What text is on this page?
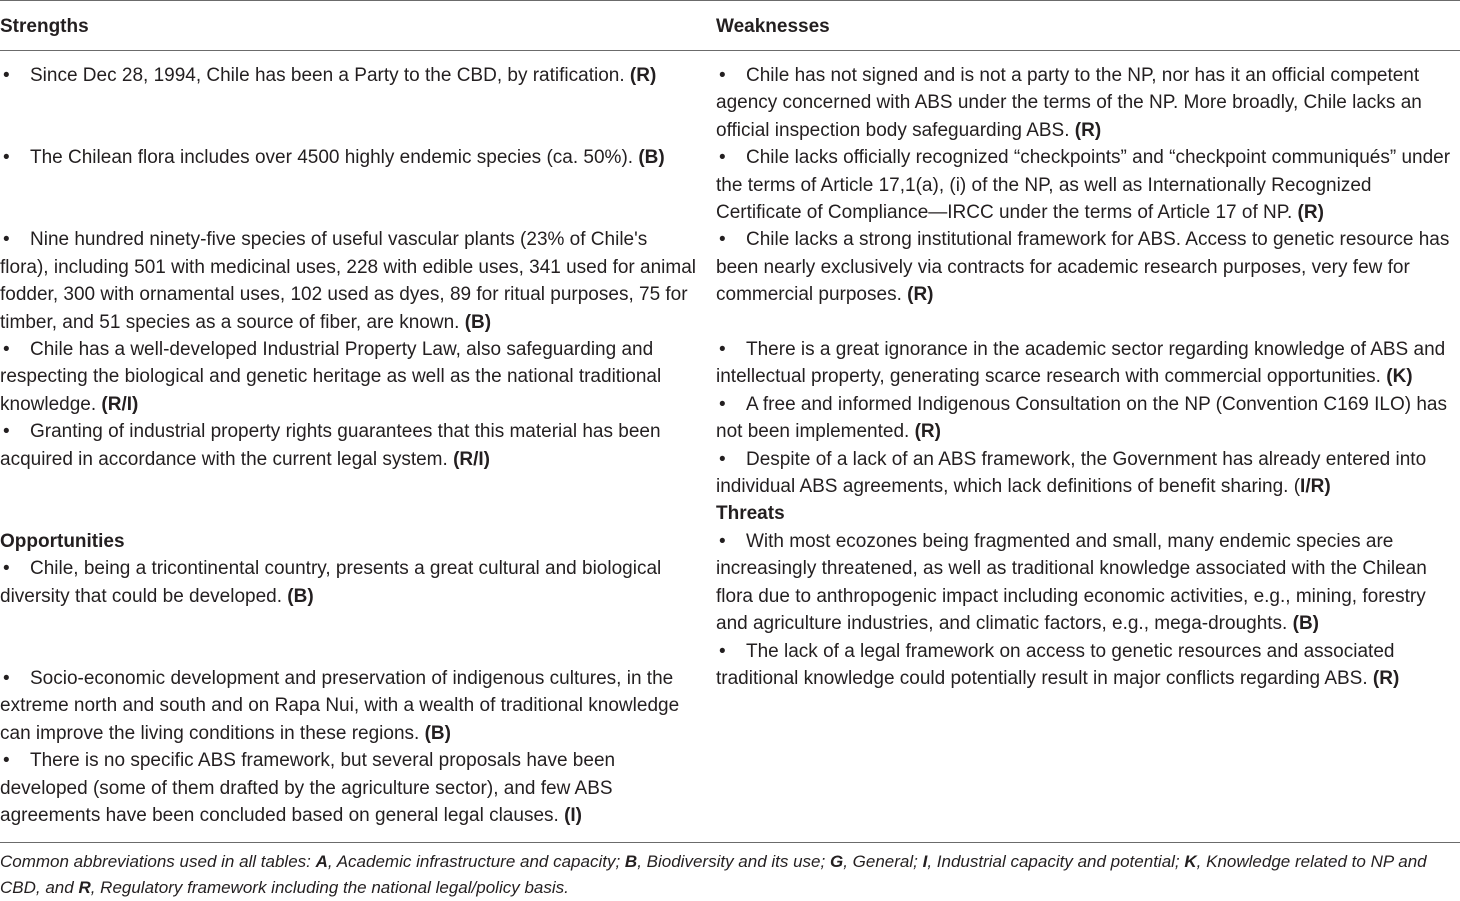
Strengths	Weaknesses

• Since Dec 28, 1994, Chile has been a Party to the CBD, by ratification. (R)

• The Chilean flora includes over 4500 highly endemic species (ca. 50%). (B)

• Nine hundred ninety-five species of useful vascular plants (23% of Chile's flora), including 501 with medicinal uses, 228 with edible uses, 341 used for animal fodder, 300 with ornamental uses, 102 used as dyes, 89 for ritual purposes, 75 for timber, and 51 species as a source of fiber, are known. (B)

• Chile has a well-developed Industrial Property Law, also safeguarding and respecting the biological and genetic heritage as well as the national traditional knowledge. (R/I)

• Granting of industrial property rights guarantees that this material has been acquired in accordance with the current legal system. (R/I)

Opportunities

• Chile, being a tricontinental country, presents a great cultural and biological diversity that could be developed. (B)

• Socio-economic development and preservation of indigenous cultures, in the extreme north and south and on Rapa Nui, with a wealth of traditional knowledge can improve the living conditions in these regions. (B)

• There is no specific ABS framework, but several proposals have been developed (some of them drafted by the agriculture sector), and few ABS agreements have been concluded based on general legal clauses. (I)

• Chile has not signed and is not a party to the NP, nor has it an official competent agency concerned with ABS under the terms of the NP. More broadly, Chile lacks an official inspection body safeguarding ABS. (R)

• Chile lacks officially recognized “checkpoints” and “checkpoint communiqués” under the terms of Article 17,1(a), (i) of the NP, as well as Internationally Recognized Certificate of Compliance—IRCC under the terms of Article 17 of NP. (R)

• Chile lacks a strong institutional framework for ABS. Access to genetic resource has been nearly exclusively via contracts for academic research purposes, very few for commercial purposes. (R)

• There is a great ignorance in the academic sector regarding knowledge of ABS and intellectual property, generating scarce research with commercial opportunities. (K)

• A free and informed Indigenous Consultation on the NP (Convention C169 ILO) has not been implemented. (R)

• Despite of a lack of an ABS framework, the Government has already entered into individual ABS agreements, which lack definitions of benefit sharing. (I/R)

Threats

• With most ecozones being fragmented and small, many endemic species are increasingly threatened, as well as traditional knowledge associated with the Chilean flora due to anthropogenic impact including economic activities, e.g., mining, forestry and agriculture industries, and climatic factors, e.g., mega-droughts. (B)

• The lack of a legal framework on access to genetic resources and associated traditional knowledge could potentially result in major conflicts regarding ABS. (R)

Common abbreviations used in all tables: A, Academic infrastructure and capacity; B, Biodiversity and its use; G, General; I, Industrial capacity and potential; K, Knowledge related to NP and CBD, and R, Regulatory framework including the national legal/policy basis.
